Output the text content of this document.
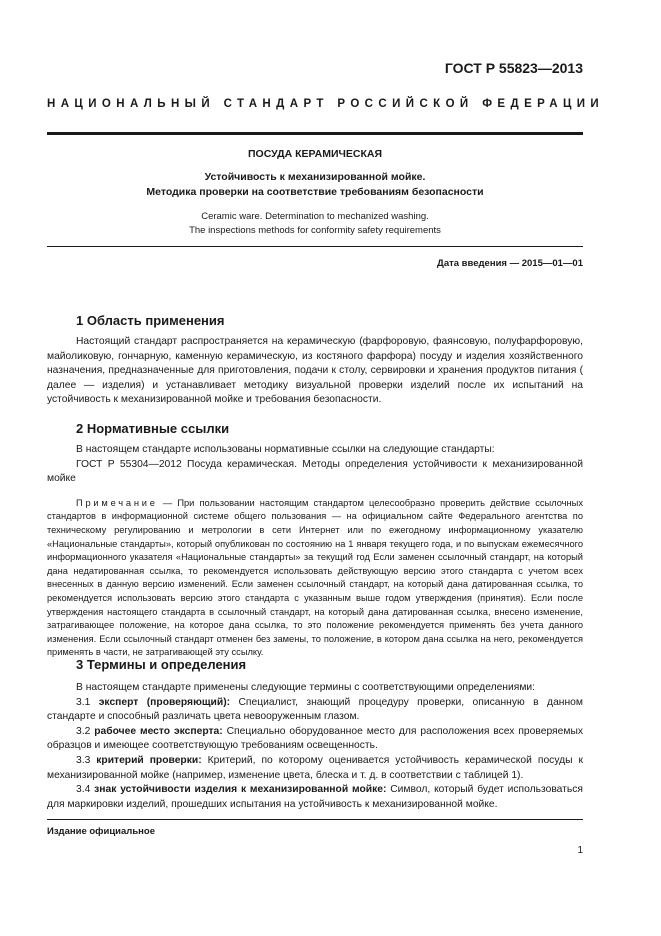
ГОСТ Р 55823—2013
НАЦИОНАЛЬНЫЙ СТАНДАРТ РОССИЙСКОЙ ФЕДЕРАЦИИ
ПОСУДА КЕРАМИЧЕСКАЯ
Устойчивость к механизированной мойке.
Методика проверки на соответствие требованиям безопасности
Ceramic ware. Determination to mechanized washing.
The inspections methods for conformity safety requirements
Дата введения — 2015—01—01
1 Область применения

Настоящий стандарт распространяется на керамическую (фарфоровую, фаянсовую, полуфарфоровую, майоликовую, гончарную, каменную керамическую, из костяного фарфора) посуду и изделия хозяйственного назначения, предназначенные для приготовления, подачи к столу, сервировки и хранения продуктов питания ( далее — изделия) и устанавливает методику визуальной проверки изделий после их испытаний на устойчивость к механизированной мойке и требования безопасности.

2 Нормативные ссылки

В настоящем стандарте использованы нормативные ссылки на следующие стандарты:

ГОСТ Р 55304—2012 Посуда керамическая. Методы определения устойчивости к механизированной мойке

Примечание — При пользовании настоящим стандартом целесообразно проверить действие ссылочных стандартов в информационной системе общего пользования — на официальном сайте Федерального агентства по техническому регулированию и метрологии в сети Интернет или по ежегодному информационному указателю «Национальные стандарты», который опубликован по состоянию на 1 января текущего года, и по выпускам ежемесячного информационного указателя «Национальные стандарты» за текущий год Если заменен ссылочный стандарт, на который дана недатированная ссылка, то рекомендуется использовать действующую версию этого стандарта с учетом всех внесенных в данную версию изменений. Если заменен ссылочный стандарт, на который дана датированная ссылка, то рекомендуется использовать версию этого стандарта с указанным выше годом утверждения (принятия). Если после утверждения настоящего стандарта в ссылочный стандарт, на который дана датированная ссылка, внесено изменение, затрагивающее положение, на которое дана ссылка, то это положение рекомендуется применять без учета данного изменения. Если ссылочный стандарт отменен без замены, то положение, в котором дана ссылка на него, рекомендуется применять в части, не затрагивающей эту ссылку.

3 Термины и определения

В настоящем стандарте применены следующие термины с соответствующими определениями:

3.1 эксперт (проверяющий): Специалист, знающий процедуру проверки, описанную в данном стандарте и способный различать цвета невооруженным глазом.

3.2 рабочее место эксперта: Специально оборудованное место для расположения всех проверяемых образцов и имеющее соответствующую требованиям освещенность.

3.3 критерий проверки: Критерий, по которому оценивается устойчивость керамической посуды к механизированной мойке (например, изменение цвета, блеска и т. д. в соответствии с таблицей 1).

3.4 знак устойчивости изделия к механизированной мойке: Символ, который будет использоваться для маркировки изделий, прошедших испытания на устойчивость к механизированной мойке.

Издание официальное
1
